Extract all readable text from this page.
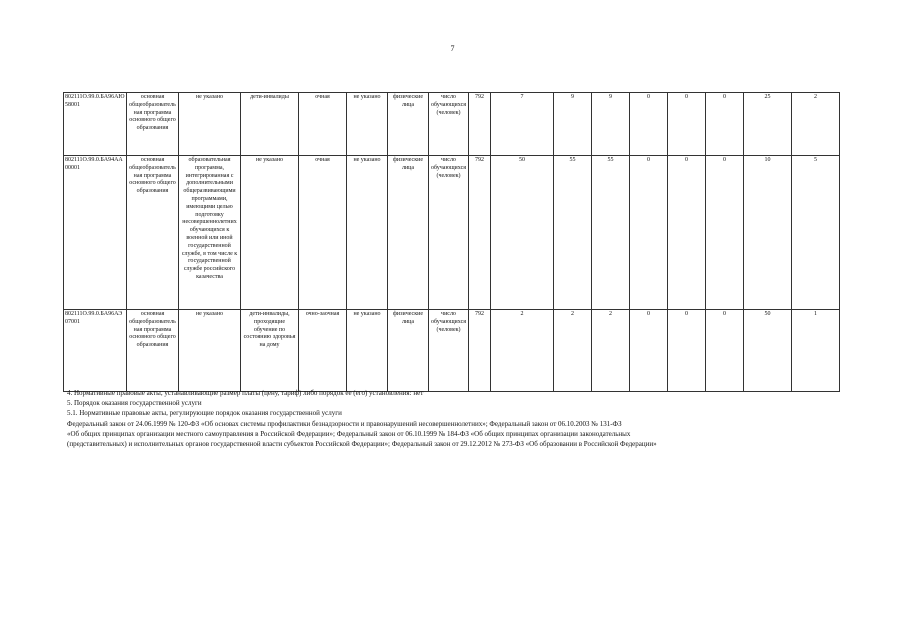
7
802111О.99.0.БА96АЮ58001	основная общеобразовательная программа основного общего образования	не указано	дети-инвалиды	очная	не указано	физические лица	число обучающихся (человек)	792	7	9	9	0	0	0	25	2
802111О.99.0.БА94АА00001	основная общеобразовательная программа основного общего образования	образовательная программа, интегрированная с дополнительными общеразвивающими программами, имеющими целью подготовку несовершеннолетних обучающихся к военной или иной государственной службе, в том числе к государственной службе российского казачества	не указано	очная	не указано	физические лица	число обучающихся (человек)	792	50	55	55	0	0	0	10	5
802111О.99.0.БА96АЭ07001	основная общеобразовательная программа основного общего образования	не указано	дети-инвалиды, проходящие обучение по состоянию здоровья на дому	очно-заочная	не указано	физические лица	число обучающихся (человек)	792	2	2	2	0	0	0	50	1
4. Нормативные правовые акты, устанавливающие размер платы (цену, тариф) либо порядок ее (его) установления: нет
5. Порядок оказания государственной услуги
5.1. Нормативные правовые акты, регулирующие порядок оказания государственной услуги
Федеральный закон от 24.06.1999 № 120-ФЗ «Об основах системы профилактики безнадзорности и правонарушений несовершеннолетних»; Федеральный закон от 06.10.2003 № 131-ФЗ
«Об общих принципах организации местного самоуправления в Российской Федерации»; Федеральный закон от 06.10.1999 № 184-ФЗ «Об общих принципах организации законодательных
(представительных) и исполнительных органов государственной власти субъектов Российской Федерации»; Федеральный закон от 29.12.2012 № 273-ФЗ «Об образовании в Российской Федерации»
